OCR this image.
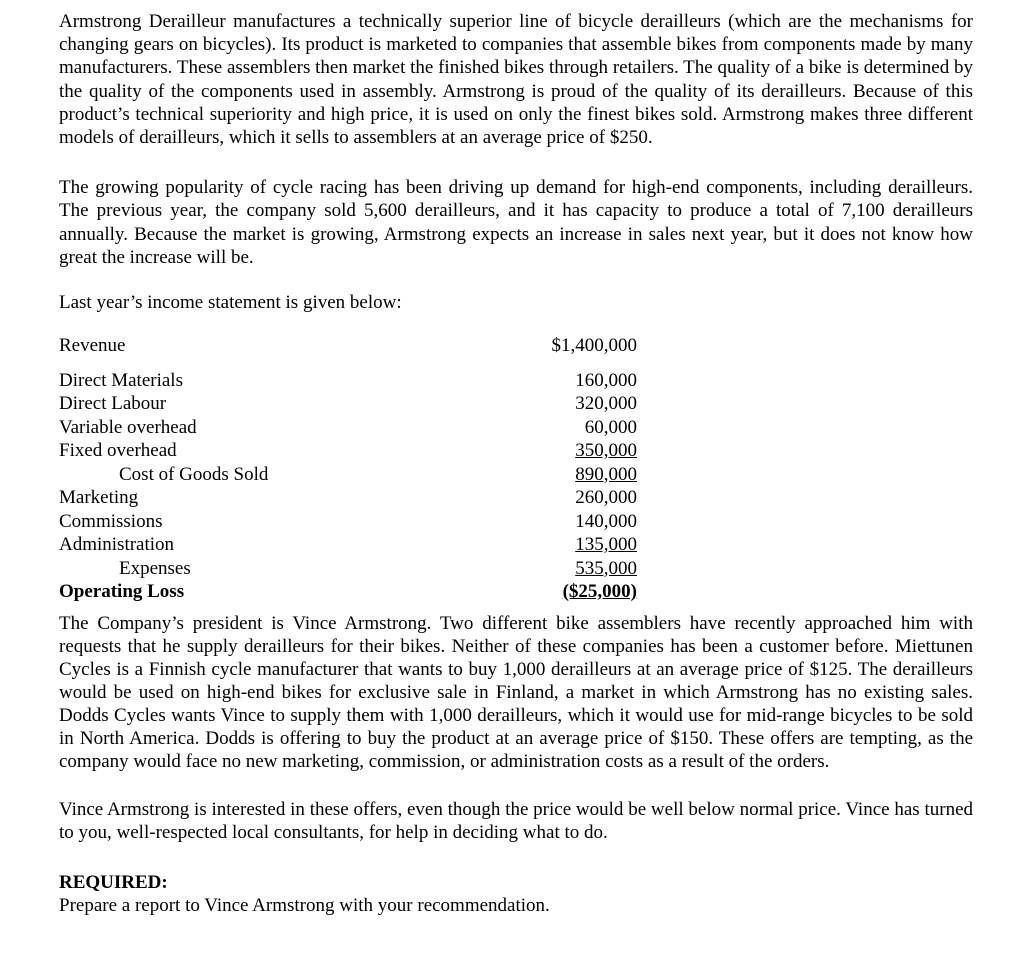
Armstrong Derailleur manufactures a technically superior line of bicycle derailleurs (which are the mechanisms for changing gears on bicycles). Its product is marketed to companies that assemble bikes from components made by many manufacturers. These assemblers then market the finished bikes through retailers. The quality of a bike is determined by the quality of the components used in assembly. Armstrong is proud of the quality of its derailleurs. Because of this product’s technical superiority and high price, it is used on only the finest bikes sold. Armstrong makes three different models of derailleurs, which it sells to assemblers at an average price of $250.

The growing popularity of cycle racing has been driving up demand for high-end components, including derailleurs. The previous year, the company sold 5,600 derailleurs, and it has capacity to produce a total of 7,100 derailleurs annually. Because the market is growing, Armstrong expects an increase in sales next year, but it does not know how great the increase will be.

Last year’s income statement is given below:

Revenue	$1,400,000
Direct Materials	160,000
Direct Labour	320,000
Variable overhead	60,000
Fixed overhead	350,000
Cost of Goods Sold	890,000
Marketing	260,000
Commissions	140,000
Administration	135,000
Expenses	535,000
Operating Loss	($25,000)

The Company’s president is Vince Armstrong. Two different bike assemblers have recently approached him with requests that he supply derailleurs for their bikes. Neither of these companies has been a customer before. Miettunen Cycles is a Finnish cycle manufacturer that wants to buy 1,000 derailleurs at an average price of $125. The derailleurs would be used on high-end bikes for exclusive sale in Finland, a market in which Armstrong has no existing sales. Dodds Cycles wants Vince to supply them with 1,000 derailleurs, which it would use for mid-range bicycles to be sold in North America. Dodds is offering to buy the product at an average price of $150. These offers are tempting, as the company would face no new marketing, commission, or administration costs as a result of the orders.

Vince Armstrong is interested in these offers, even though the price would be well below normal price. Vince has turned to you, well-respected local consultants, for help in deciding what to do.

REQUIRED:

Prepare a report to Vince Armstrong with your recommendation.
